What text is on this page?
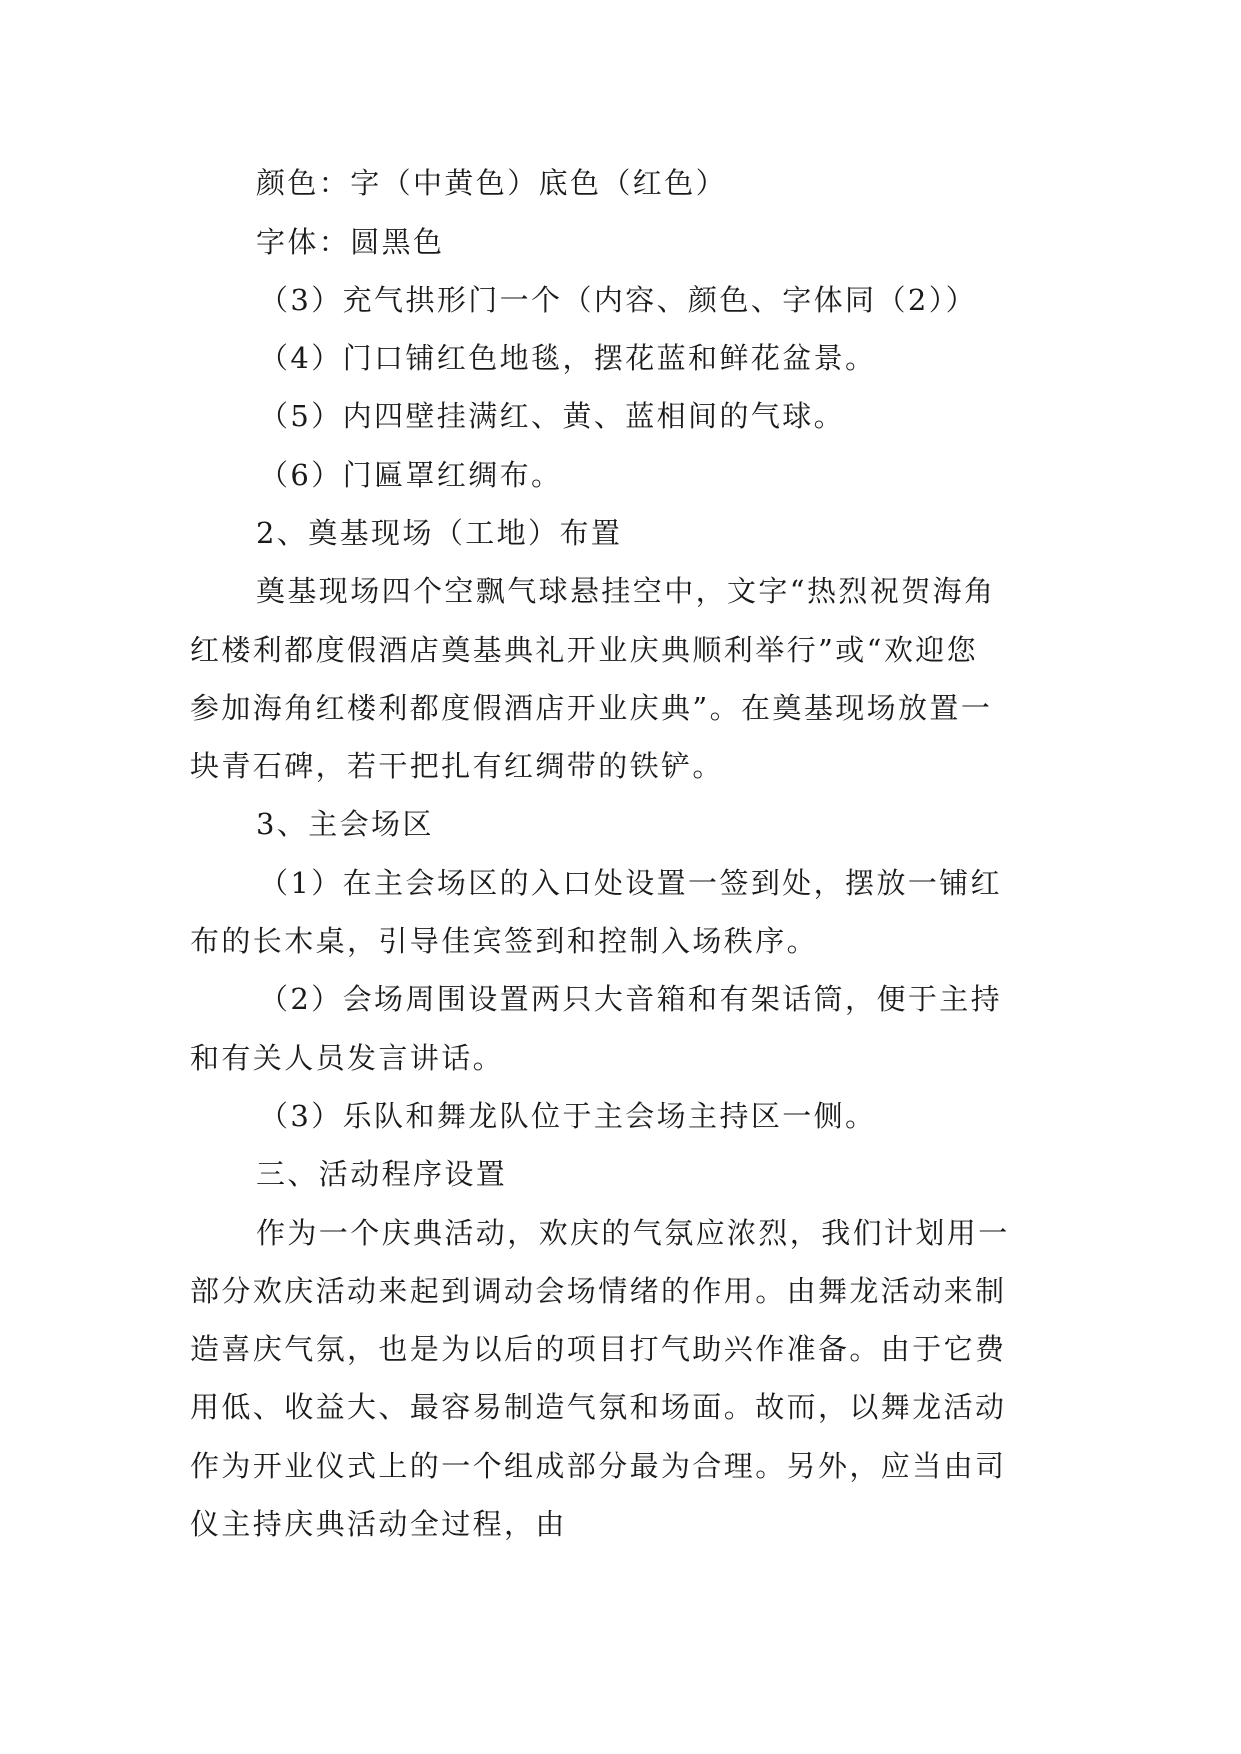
颜色：字（中黄色）底色（红色）
字体：圆黑色
（3）充气拱形门一个（内容、颜色、字体同（2））
（4）门口铺红色地毯，摆花蓝和鲜花盆景。
（5）内四壁挂满红、黄、蓝相间的气球。
（6）门匾罩红绸布。
2、奠基现场（工地）布置
奠基现场四个空飘气球悬挂空中，文字“热烈祝贺海角
红楼利都度假酒店奠基典礼开业庆典顺利举行”或“欢迎您
参加海角红楼利都度假酒店开业庆典”。在奠基现场放置一
块青石碑，若干把扎有红绸带的铁铲。
3、主会场区
（1）在主会场区的入口处设置一签到处，摆放一铺红
布的长木桌，引导佳宾签到和控制入场秩序。
（2）会场周围设置两只大音箱和有架话筒，便于主持
和有关人员发言讲话。
（3）乐队和舞龙队位于主会场主持区一侧。
三、活动程序设置
作为一个庆典活动，欢庆的气氛应浓烈，我们计划用一
部分欢庆活动来起到调动会场情绪的作用。由舞龙活动来制
造喜庆气氛，也是为以后的项目打气助兴作准备。由于它费
用低、收益大、最容易制造气氛和场面。故而，以舞龙活动
作为开业仪式上的一个组成部分最为合理。另外，应当由司
仪主持庆典活动全过程，由
